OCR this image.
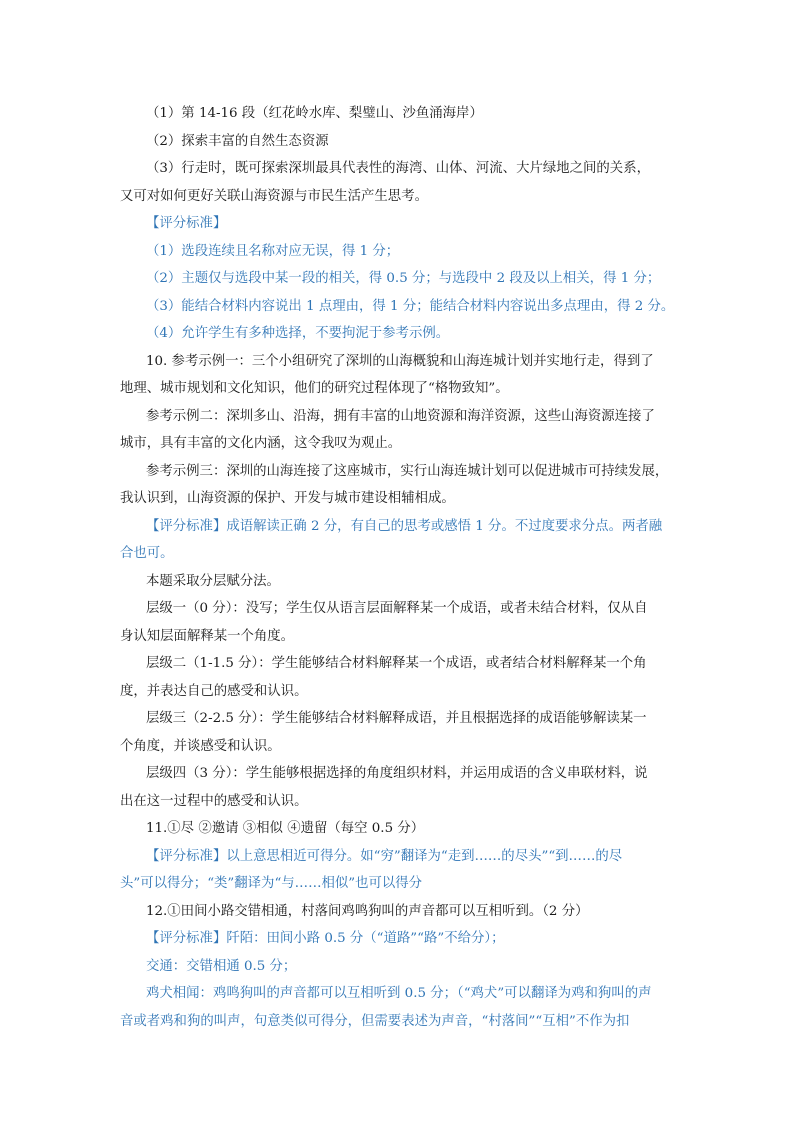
（1）第 14-16 段（红花岭水库、梨璧山、沙鱼涌海岸）
（2）探索丰富的自然生态资源
（3）行走时，既可探索深圳最具代表性的海湾、山体、河流、大片绿地之间的关系，
又可对如何更好关联山海资源与市民生活产生思考。
【评分标准】
（1）选段连续且名称对应无误，得 1 分；
（2）主题仅与选段中某一段的相关，得 0.5 分；与选段中 2 段及以上相关，得 1 分；
（3）能结合材料内容说出 1 点理由，得 1 分；能结合材料内容说出多点理由，得 2 分。
（4）允许学生有多种选择，不要拘泥于参考示例。
10. 参考示例一：三个小组研究了深圳的山海概貌和山海连城计划并实地行走，得到了
地理、城市规划和文化知识，他们的研究过程体现了“格物致知”。
参考示例二：深圳多山、沿海，拥有丰富的山地资源和海洋资源，这些山海资源连接了
城市，具有丰富的文化内涵，这令我叹为观止。
参考示例三：深圳的山海连接了这座城市，实行山海连城计划可以促进城市可持续发展，
我认识到，山海资源的保护、开发与城市建设相辅相成。
【评分标准】成语解读正确 2 分，有自己的思考或感悟 1 分。不过度要求分点。两者融
合也可。
本题采取分层赋分法。
层级一（0 分）：没写；学生仅从语言层面解释某一个成语，或者未结合材料，仅从自
身认知层面解释某一个角度。
层级二（1-1.5 分）：学生能够结合材料解释某一个成语，或者结合材料解释某一个角
度，并表达自己的感受和认识。
层级三（2-2.5 分）：学生能够结合材料解释成语，并且根据选择的成语能够解读某一
个角度，并谈感受和认识。
层级四（3 分）：学生能够根据选择的角度组织材料，并运用成语的含义串联材料，说
出在这一过程中的感受和认识。
11.①尽 ②邀请 ③相似 ④遗留（每空 0.5 分）
【评分标准】以上意思相近可得分。如“穷”翻译为“走到……的尽头”“到……的尽
头”可以得分；“类”翻译为“与……相似”也可以得分
12.①田间小路交错相通，村落间鸡鸣狗叫的声音都可以互相听到。（2 分）
【评分标准】阡陌：田间小路 0.5 分（“道路”“路”不给分）；
交通：交错相通 0.5 分；
鸡犬相闻：鸡鸣狗叫的声音都可以互相听到 0.5 分；（“鸡犬”可以翻译为鸡和狗叫的声
音或者鸡和狗的叫声，句意类似可得分，但需要表述为声音，“村落间”“互相”不作为扣
